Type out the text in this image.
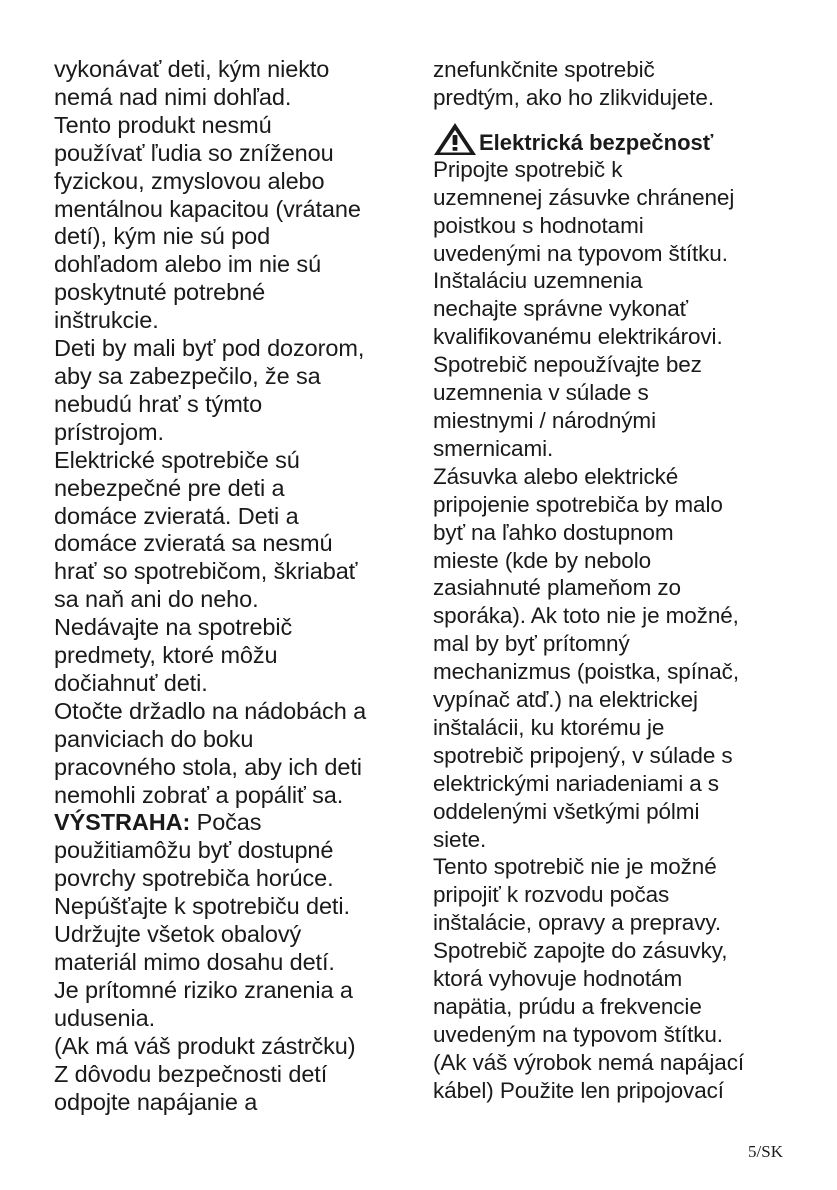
vykonávať deti, kým niekto
nemá nad nimi dohľad.
Tento produkt nesmú
používať ľudia so zníženou
fyzickou, zmyslovou alebo
mentálnou kapacitou (vrátane
detí), kým nie sú pod
dohľadom alebo im nie sú
poskytnuté potrebné
inštrukcie.
Deti by mali byť pod dozorom,
aby sa zabezpečilo, že sa
nebudú hrať s týmto
prístrojom.
Elektrické spotrebiče sú
nebezpečné pre deti a
domáce zvieratá. Deti a
domáce zvieratá sa nesmú
hrať so spotrebičom, škriabať
sa naň ani do neho.
Nedávajte na spotrebič
predmety, ktoré môžu
dočiahnuť deti.
Otočte držadlo na nádobách a
panviciach do boku
pracovného stola, aby ich deti
nemohli zobrať a popáliť sa.
VÝSTRAHA: Počas
použitiamôžu byť dostupné
povrchy spotrebiča horúce.
Nepúšťajte k spotrebiču deti.
Udržujte všetok obalový
materiál mimo dosahu detí.
Je prítomné riziko zranenia a
udusenia.
(Ak má váš produkt zástrčku)
Z dôvodu bezpečnosti detí
odpojte napájanie a
znefunkčnite spotrebič
predtým, ako ho zlikvidujete.
Elektrická bezpečnosť
Pripojte spotrebič k
uzemnenej zásuvke chránenej
poistkou s hodnotami
uvedenými na typovom štítku.
Inštaláciu uzemnenia
nechajte správne vykonať
kvalifikovanému elektrikárovi.
Spotrebič nepoužívajte bez
uzemnenia v súlade s
miestnymi / národnými
smernicami.
Zásuvka alebo elektrické
pripojenie spotrebiča by malo
byť na ľahko dostupnom
mieste (kde by nebolo
zasiahnuté plameňom zo
sporáka). Ak toto nie je možné,
mal by byť prítomný
mechanizmus (poistka, spínač,
vypínač atď.) na elektrickej
inštalácii, ku ktorému je
spotrebič pripojený, v súlade s
elektrickými nariadeniami a s
oddelenými všetkými pólmi
siete.
Tento spotrebič nie je možné
pripojiť k rozvodu počas
inštalácie, opravy a prepravy.
Spotrebič zapojte do zásuvky,
ktorá vyhovuje hodnotám
napätia, prúdu a frekvencie
uvedeným na typovom štítku.
(Ak váš výrobok nemá napájací
kábel) Použite len pripojovací
5/SK
